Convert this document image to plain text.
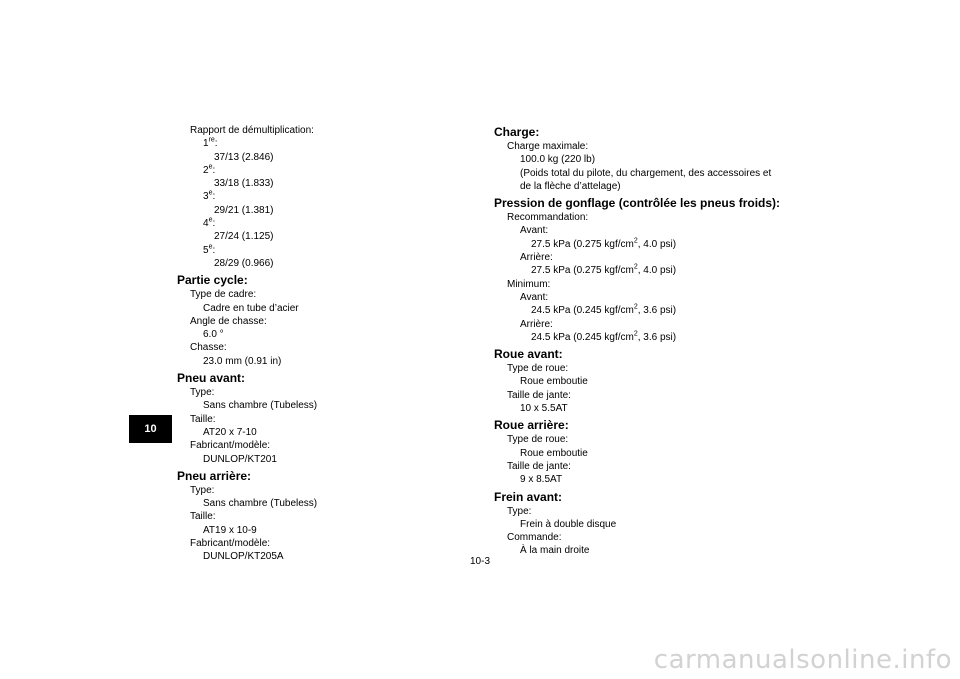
10
Rapport de démultiplication:
1re:
37/13 (2.846)
2e:
33/18 (1.833)
3e:
29/21 (1.381)
4e:
27/24 (1.125)
5e:
28/29 (0.966)
Partie cycle:
Type de cadre:
Cadre en tube d’acier
Angle de chasse:
6.0 °
Chasse:
23.0 mm (0.91 in)
Pneu avant:
Type:
Sans chambre (Tubeless)
Taille:
AT20 x 7-10
Fabricant/modèle:
DUNLOP/KT201
Pneu arrière:
Type:
Sans chambre (Tubeless)
Taille:
AT19 x 10-9
Fabricant/modèle:
DUNLOP/KT205A
Charge:
Charge maximale:
100.0 kg (220 lb)
(Poids total du pilote, du chargement, des accessoires et
de la flèche d’attelage)
Pression de gonflage (contrôlée les pneus froids):
Recommandation:
Avant:
27.5 kPa (0.275 kgf/$cm^2$, 4.0 psi)
Arrière:
27.5 kPa (0.275 kgf/$cm^2$, 4.0 psi)
Minimum:
Avant:
24.5 kPa (0.245 kgf/$cm^2$, 3.6 psi)
Arrière:
24.5 kPa (0.245 kgf/$cm^2$, 3.6 psi)
Roue avant:
Type de roue:
Roue emboutie
Taille de jante:
10 x 5.5AT
Roue arrière:
Type de roue:
Roue emboutie
Taille de jante:
9 x 8.5AT
Frein avant:
Type:
Frein à double disque
Commande:
À la main droite
10-3
carmanualsonline.info
